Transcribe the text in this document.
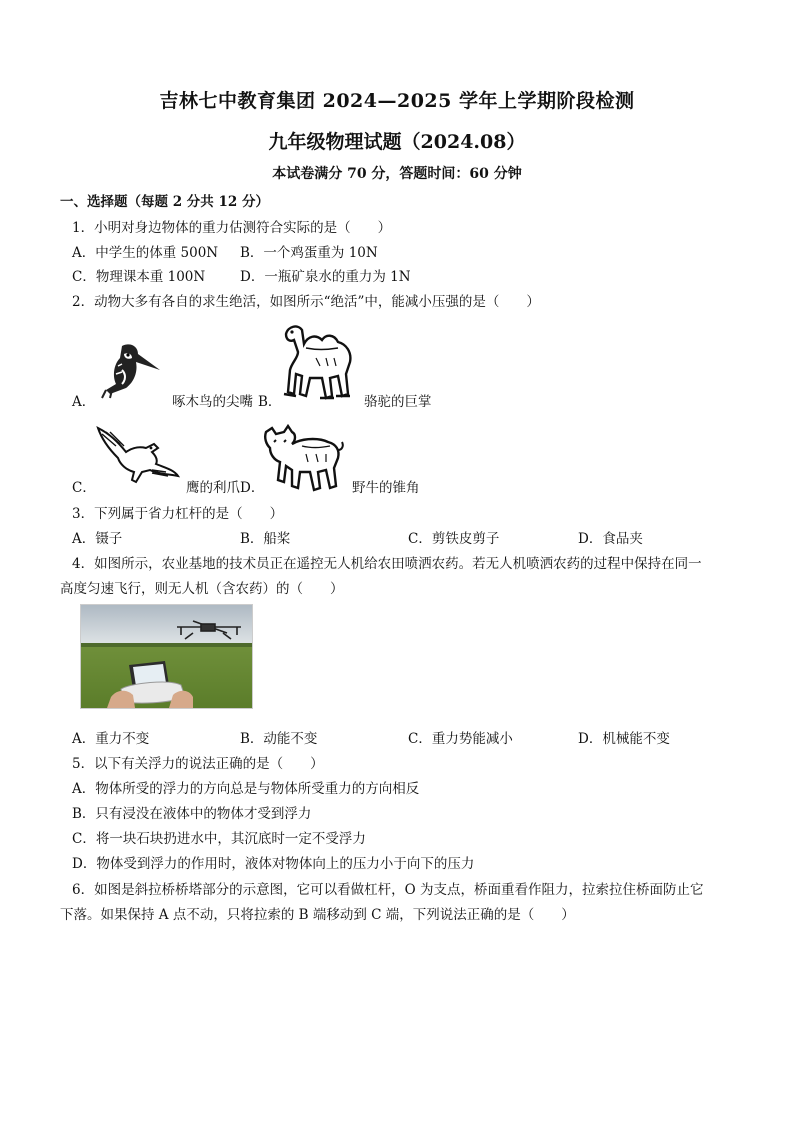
吉林七中教育集团 2024—2025 学年上学期阶段检测
九年级物理试题（2024.08）
本试卷满分 70 分，答题时间：60 分钟
一、选择题（每题 2 分共 12 分）
1．小明对身边物体的重力估测符合实际的是（　　）
A．中学生的体重 500N B．一个鸡蛋重为 10N
C．物理课本重 100N	D．一瓶矿泉水的重力为 1N
2．动物大多有各自的求生绝活，如图所示“绝活”中，能减小压强的是（　　）
A．	啄木鸟的尖嘴 B．	骆驼的巨掌
C．	鹰的利爪 D．	野牛的锥角
3．下列属于省力杠杆的是（　　）
A．镊子	B．船桨	C．剪铁皮剪子	D．食品夹
4．如图所示，农业基地的技术员正在遥控无人机给农田喷洒农药。若无人机喷洒农药的过程中保持在同一
高度匀速飞行，则无人机（含农药）的（　　）
A．重力不变	B．动能不变	C．重力势能减小	D．机械能不变
5．以下有关浮力的说法正确的是（　　）
A．物体所受的浮力的方向总是与物体所受重力的方向相反
B．只有浸没在液体中的物体才受到浮力
C．将一块石块扔进水中，其沉底时一定不受浮力
D．物体受到浮力的作用时，液体对物体向上的压力小于向下的压力
6．如图是斜拉桥桥塔部分的示意图，它可以看做杠杆，O 为支点，桥面重看作阻力，拉索拉住桥面防止它
下落。如果保持 A 点不动，只将拉索的 B 端移动到 C 端，下列说法正确的是（　　）
